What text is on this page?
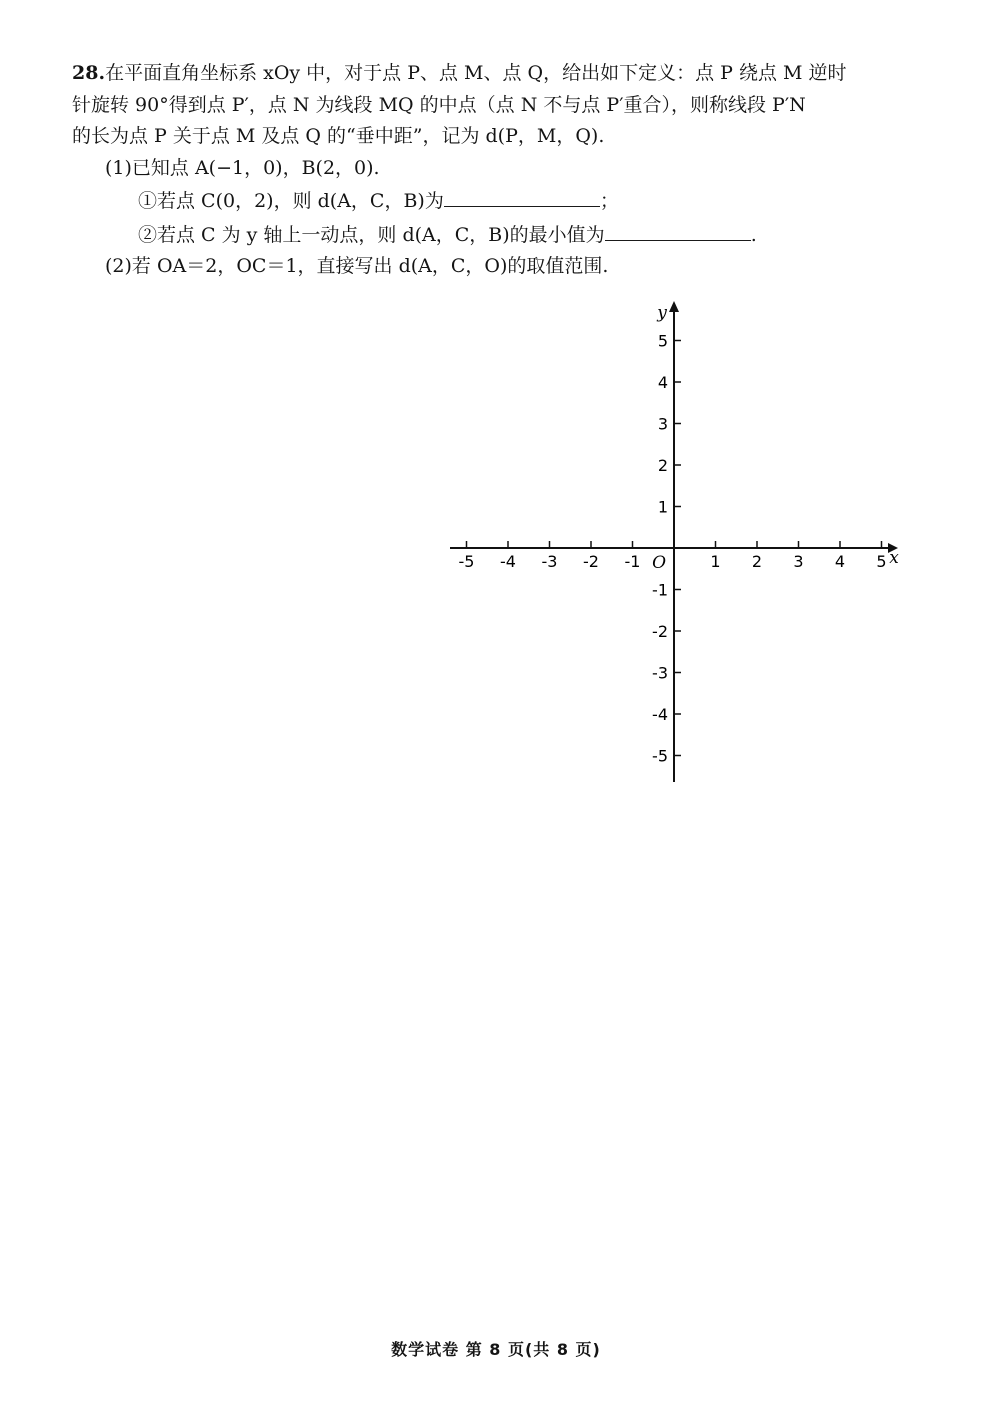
28.在平面直角坐标系 xOy 中，对于点 P、点 M、点 Q，给出如下定义：点 P 绕点 M 逆时
针旋转 90°得到点 P′，点 N 为线段 MQ 的中点（点 N 不与点 P′重合），则称线段 P′N
的长为点 P 关于点 M 及点 Q 的“垂中距”，记为 d(P，M，Q).
(1)已知点 A(−1，0)，B(2，0).
①若点 C(0，2)，则 d(A，C，B)为	；
②若点 C 为 y 轴上一动点，则 d(A，C，B)的最小值为	.
(2)若 OA＝2，OC＝1，直接写出 d(A，C，O)的取值范围.
-5 -4 -3 -2 -1	1 2 3 4 5
5
4
3
2
1
-1
-2
-3
-4
-5
O	x
y
数学试卷 第 8 页(共 8 页)
